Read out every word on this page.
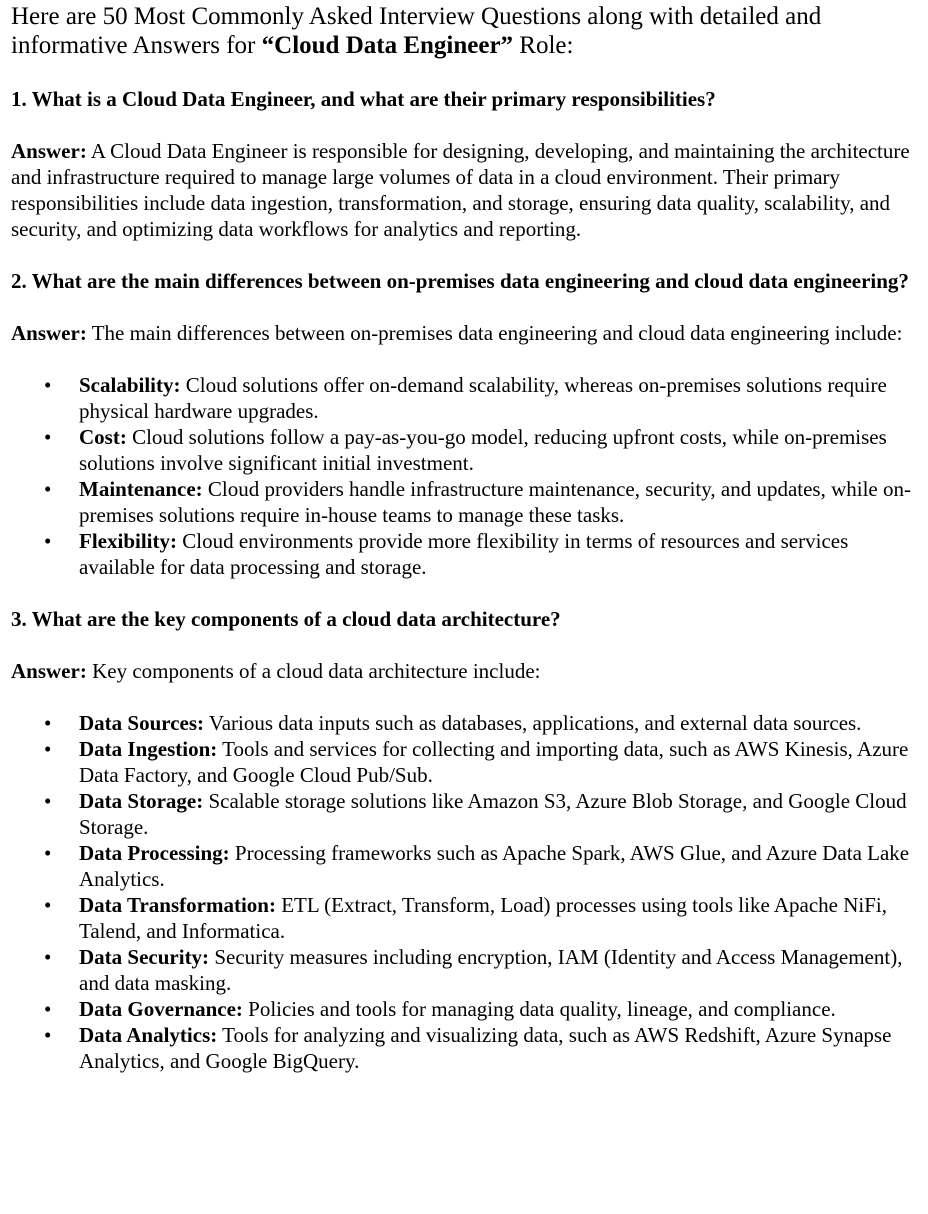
Here are 50 Most Commonly Asked Interview Questions along with detailed and informative Answers for “Cloud Data Engineer” Role:

1. What is a Cloud Data Engineer, and what are their primary responsibilities?

Answer: A Cloud Data Engineer is responsible for designing, developing, and maintaining the architecture and infrastructure required to manage large volumes of data in a cloud environment. Their primary responsibilities include data ingestion, transformation, and storage, ensuring data quality, scalability, and security, and optimizing data workflows for analytics and reporting.

2. What are the main differences between on-premises data engineering and cloud data engineering?

Answer: The main differences between on-premises data engineering and cloud data engineering include:

• Scalability: Cloud solutions offer on-demand scalability, whereas on-premises solutions require physical hardware upgrades.
• Cost: Cloud solutions follow a pay-as-you-go model, reducing upfront costs, while on-premises solutions involve significant initial investment.
• Maintenance: Cloud providers handle infrastructure maintenance, security, and updates, while on-premises solutions require in-house teams to manage these tasks.
• Flexibility: Cloud environments provide more flexibility in terms of resources and services available for data processing and storage.

3. What are the key components of a cloud data architecture?

Answer: Key components of a cloud data architecture include:

• Data Sources: Various data inputs such as databases, applications, and external data sources.
• Data Ingestion: Tools and services for collecting and importing data, such as AWS Kinesis, Azure Data Factory, and Google Cloud Pub/Sub.
• Data Storage: Scalable storage solutions like Amazon S3, Azure Blob Storage, and Google Cloud Storage.
• Data Processing: Processing frameworks such as Apache Spark, AWS Glue, and Azure Data Lake Analytics.
• Data Transformation: ETL (Extract, Transform, Load) processes using tools like Apache NiFi, Talend, and Informatica.
• Data Security: Security measures including encryption, IAM (Identity and Access Management), and data masking.
• Data Governance: Policies and tools for managing data quality, lineage, and compliance.
• Data Analytics: Tools for analyzing and visualizing data, such as AWS Redshift, Azure Synapse Analytics, and Google BigQuery.
